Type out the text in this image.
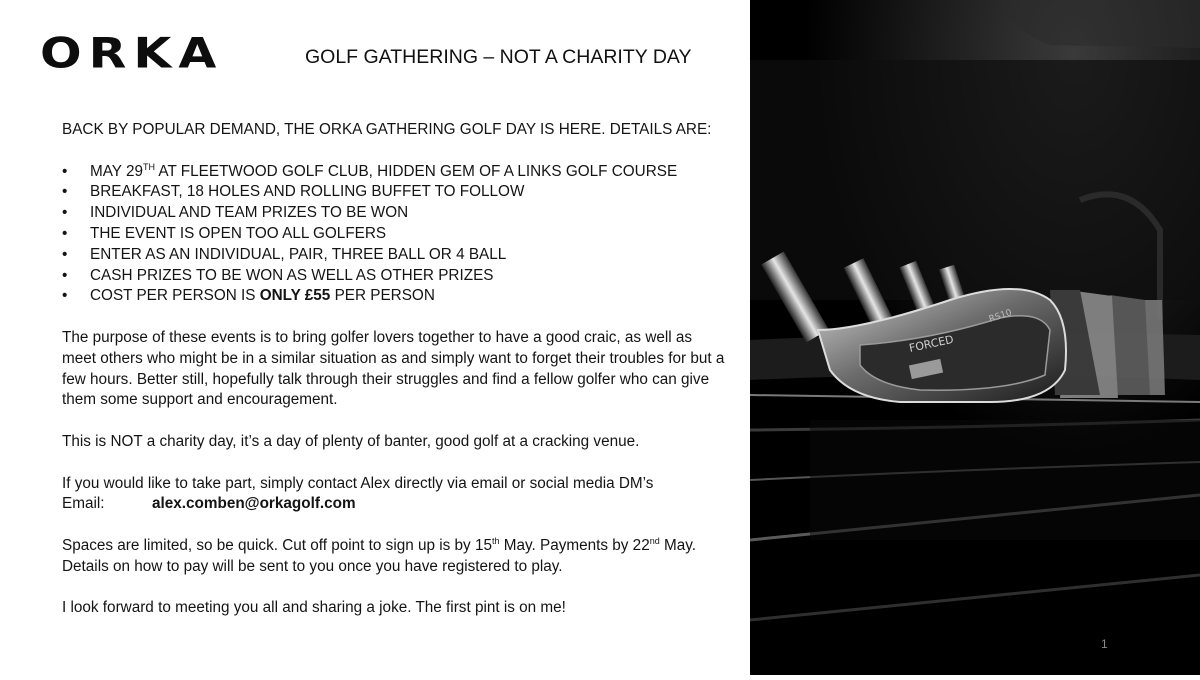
ORKA	GOLF GATHERING – NOT A CHARITY DAY

BACK BY POPULAR DEMAND, THE ORKA GATHERING GOLF DAY IS HERE. DETAILS ARE:

• MAY 29TH AT FLEETWOOD GOLF CLUB, HIDDEN GEM OF A LINKS GOLF COURSE
• BREAKFAST, 18 HOLES AND ROLLING BUFFET TO FOLLOW
• INDIVIDUAL AND TEAM PRIZES TO BE WON
• THE EVENT IS OPEN TOO ALL GOLFERS
• ENTER AS AN INDIVIDUAL, PAIR, THREE BALL OR 4 BALL
• CASH PRIZES TO BE WON AS WELL AS OTHER PRIZES
• COST PER PERSON IS ONLY £55 PER PERSON

The purpose of these events is to bring golfer lovers together to have a good craic, as well as meet others who might be in a similar situation as and simply want to forget their troubles for but a few hours. Better still, hopefully talk through their struggles and find a fellow golfer who can give them some support and encouragement.

This is NOT a charity day, it’s a day of plenty of banter, good golf at a cracking venue.

If you would like to take part, simply contact Alex directly via email or social media DM’s

Email:	alex.comben@orkagolf.com

Spaces are limited, so be quick. Cut off point to sign up is by 15th May. Payments by 22nd May. Details on how to pay will be sent to you once you have registered to play.

I look forward to meeting you all and sharing a joke. The first pint is on me!

FORCED
RS10
1
